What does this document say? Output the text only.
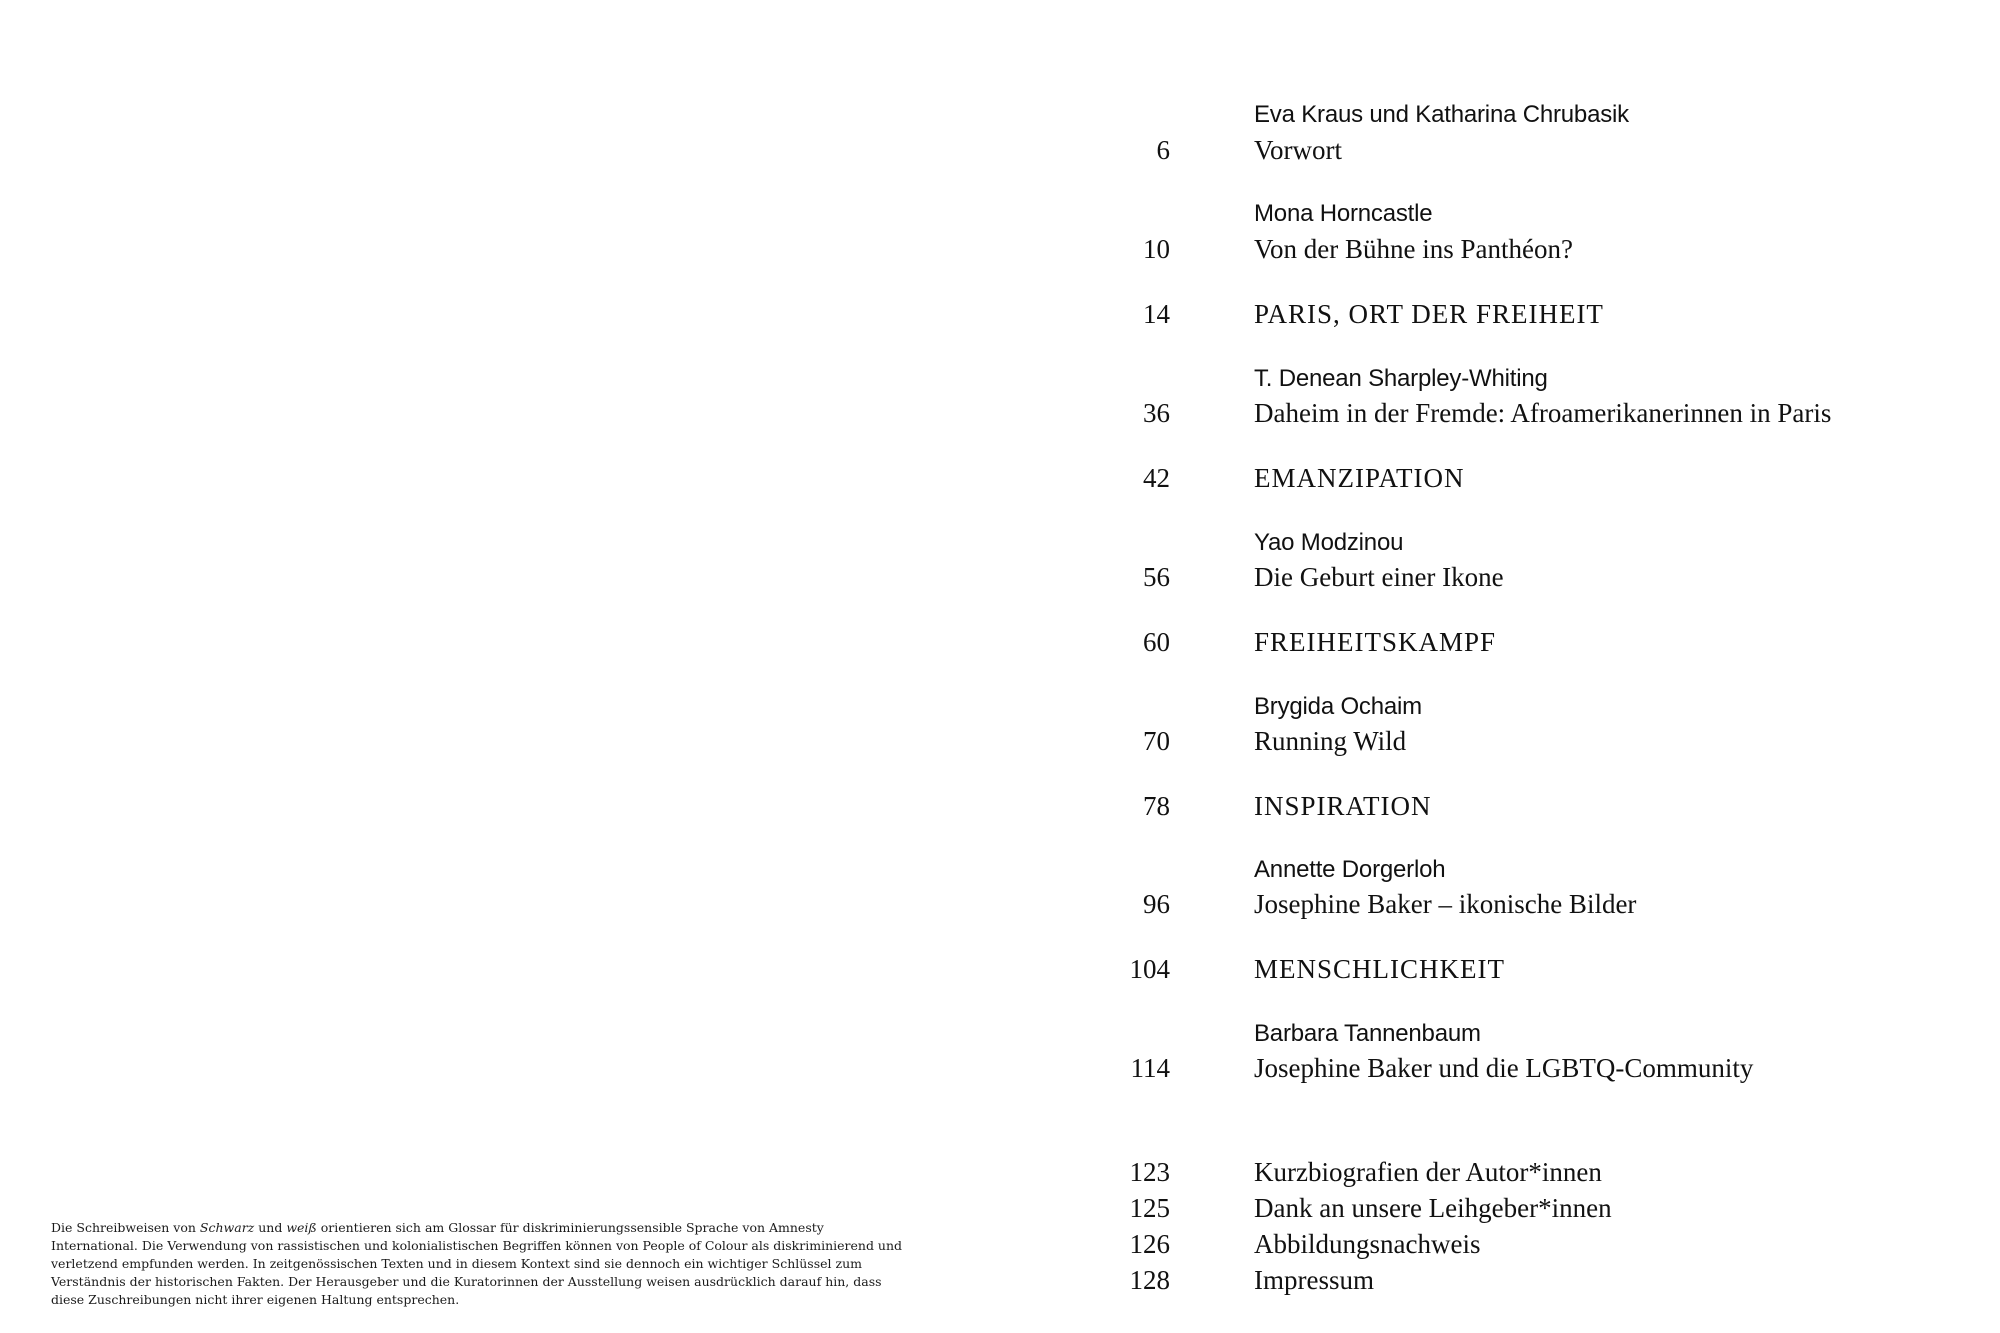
Die Schreibweisen von Schwarz und weiß orientieren sich am Glossar für diskriminierungssensible Sprache von Amnesty International. Die Verwendung von rassistischen und kolonialistischen Begriffen können von People of Colour als diskriminierend und verletzend empfunden werden. In zeitgenössischen Texten und in diesem Kontext sind sie dennoch ein wichtiger Schlüssel zum Verständnis der historischen Fakten. Der Herausgeber und die Kuratorinnen der Ausstellung weisen ausdrücklich darauf hin, dass diese Zuschreibungen nicht ihrer eigenen Haltung entsprechen.

Eva Kraus und Katharina Chrubasik
6	Vorwort
Mona Horncastle
10	Von der Bühne ins Panthéon?
14	PARIS, ORT DER FREIHEIT
T. Denean Sharpley-Whiting
36	Daheim in der Fremde: Afroamerikanerinnen in Paris
42	EMANZIPATION
Yao Modzinou
56	Die Geburt einer Ikone
60	FREIHEITSKAMPF
Brygida Ochaim
70	Running Wild
78	INSPIRATION
Annette Dorgerloh
96	Josephine Baker – ikonische Bilder
104	MENSCHLICHKEIT
Barbara Tannenbaum
114	Josephine Baker und die LGBTQ-Community
123	Kurzbiografien der Autor*innen
125	Dank an unsere Leihgeber*innen
126	Abbildungsnachweis
128	Impressum
